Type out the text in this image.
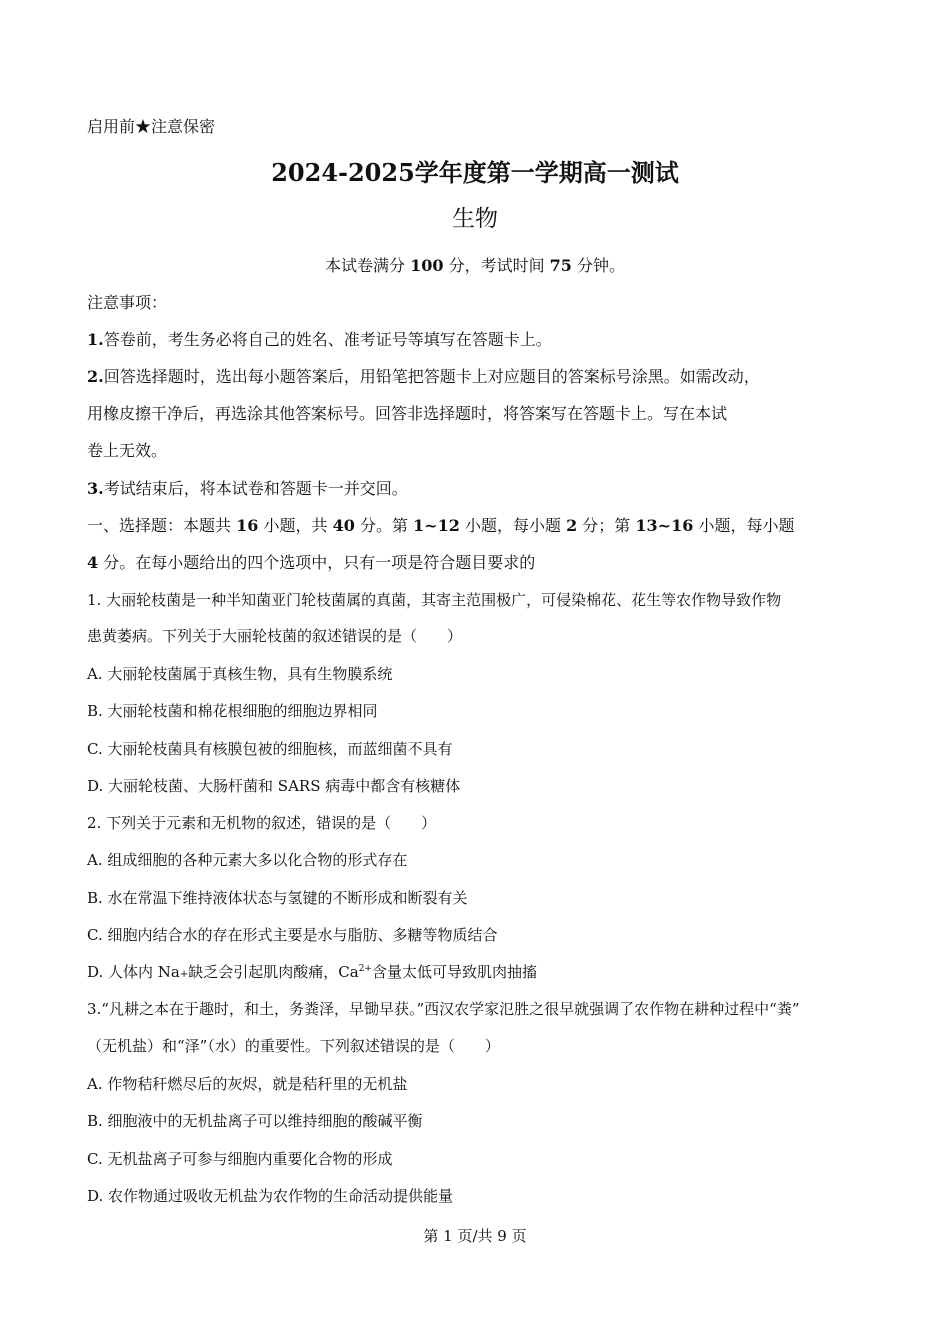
启用前★注意保密
2024-2025学年度第一学期高一测试
生物
本试卷满分 100 分，考试时间 75 分钟。
注意事项：
1.答卷前，考生务必将自己的姓名、准考证号等填写在答题卡上。
2.回答选择题时，选出每小题答案后，用铅笔把答题卡上对应题目的答案标号涂黑。如需改动，
用橡皮擦干净后，再选涂其他答案标号。回答非选择题时，将答案写在答题卡上。写在本试
卷上无效。
3.考试结束后，将本试卷和答题卡一并交回。
一、选择题：本题共 16 小题，共 40 分。第 1~12 小题，每小题 2 分；第 13~16 小题，每小题
4 分。在每小题给出的四个选项中，只有一项是符合题目要求的
1. 大丽轮枝菌是一种半知菌亚门轮枝菌属的真菌，其寄主范围极广，可侵染棉花、花生等农作物导致作物
患黄萎病。下列关于大丽轮枝菌的叙述错误的是（　　）
A. 大丽轮枝菌属于真核生物，具有生物膜系统
B. 大丽轮枝菌和棉花根细胞的细胞边界相同
C. 大丽轮枝菌具有核膜包被的细胞核，而蓝细菌不具有
D. 大丽轮枝菌、大肠杆菌和 SARS 病毒中都含有核糖体
2. 下列关于元素和无机物的叙述，错误的是（　　）
A. 组成细胞的各种元素大多以化合物的形式存在
B. 水在常温下维持液体状态与氢键的不断形成和断裂有关
C. 细胞内结合水的存在形式主要是水与脂肪、多糖等物质结合
D. 人体内 Na+缺乏会引起肌肉酸痛，$Ca^{2+}$含量太低可导致肌肉抽搐
3.“凡耕之本在于趣时，和土，务粪泽，早锄早获。”西汉农学家氾胜之很早就强调了农作物在耕种过程中“粪”
（无机盐）和“泽”（水）的重要性。下列叙述错误的是（　　）
A. 作物秸秆燃尽后的灰烬，就是秸秆里的无机盐
B. 细胞液中的无机盐离子可以维持细胞的酸碱平衡
C. 无机盐离子可参与细胞内重要化合物的形成
D. 农作物通过吸收无机盐为农作物的生命活动提供能量
第 1 页/共 9 页
